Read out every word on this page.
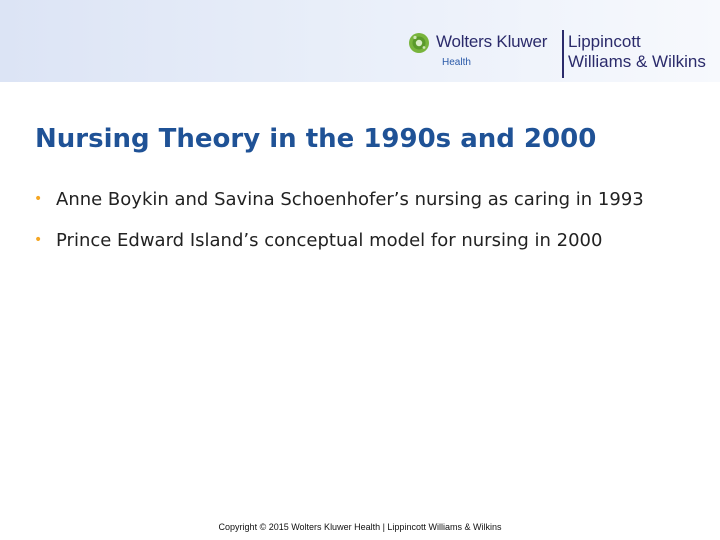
Wolters Kluwer
Health
Lippincott
Williams & Wilkins
Nursing Theory in the 1990s and 2000
• Anne Boykin and Savina Schoenhofer’s nursing as caring in 1993
• Prince Edward Island’s conceptual model for nursing in 2000
Copyright © 2015 Wolters Kluwer Health | Lippincott Williams & Wilkins
